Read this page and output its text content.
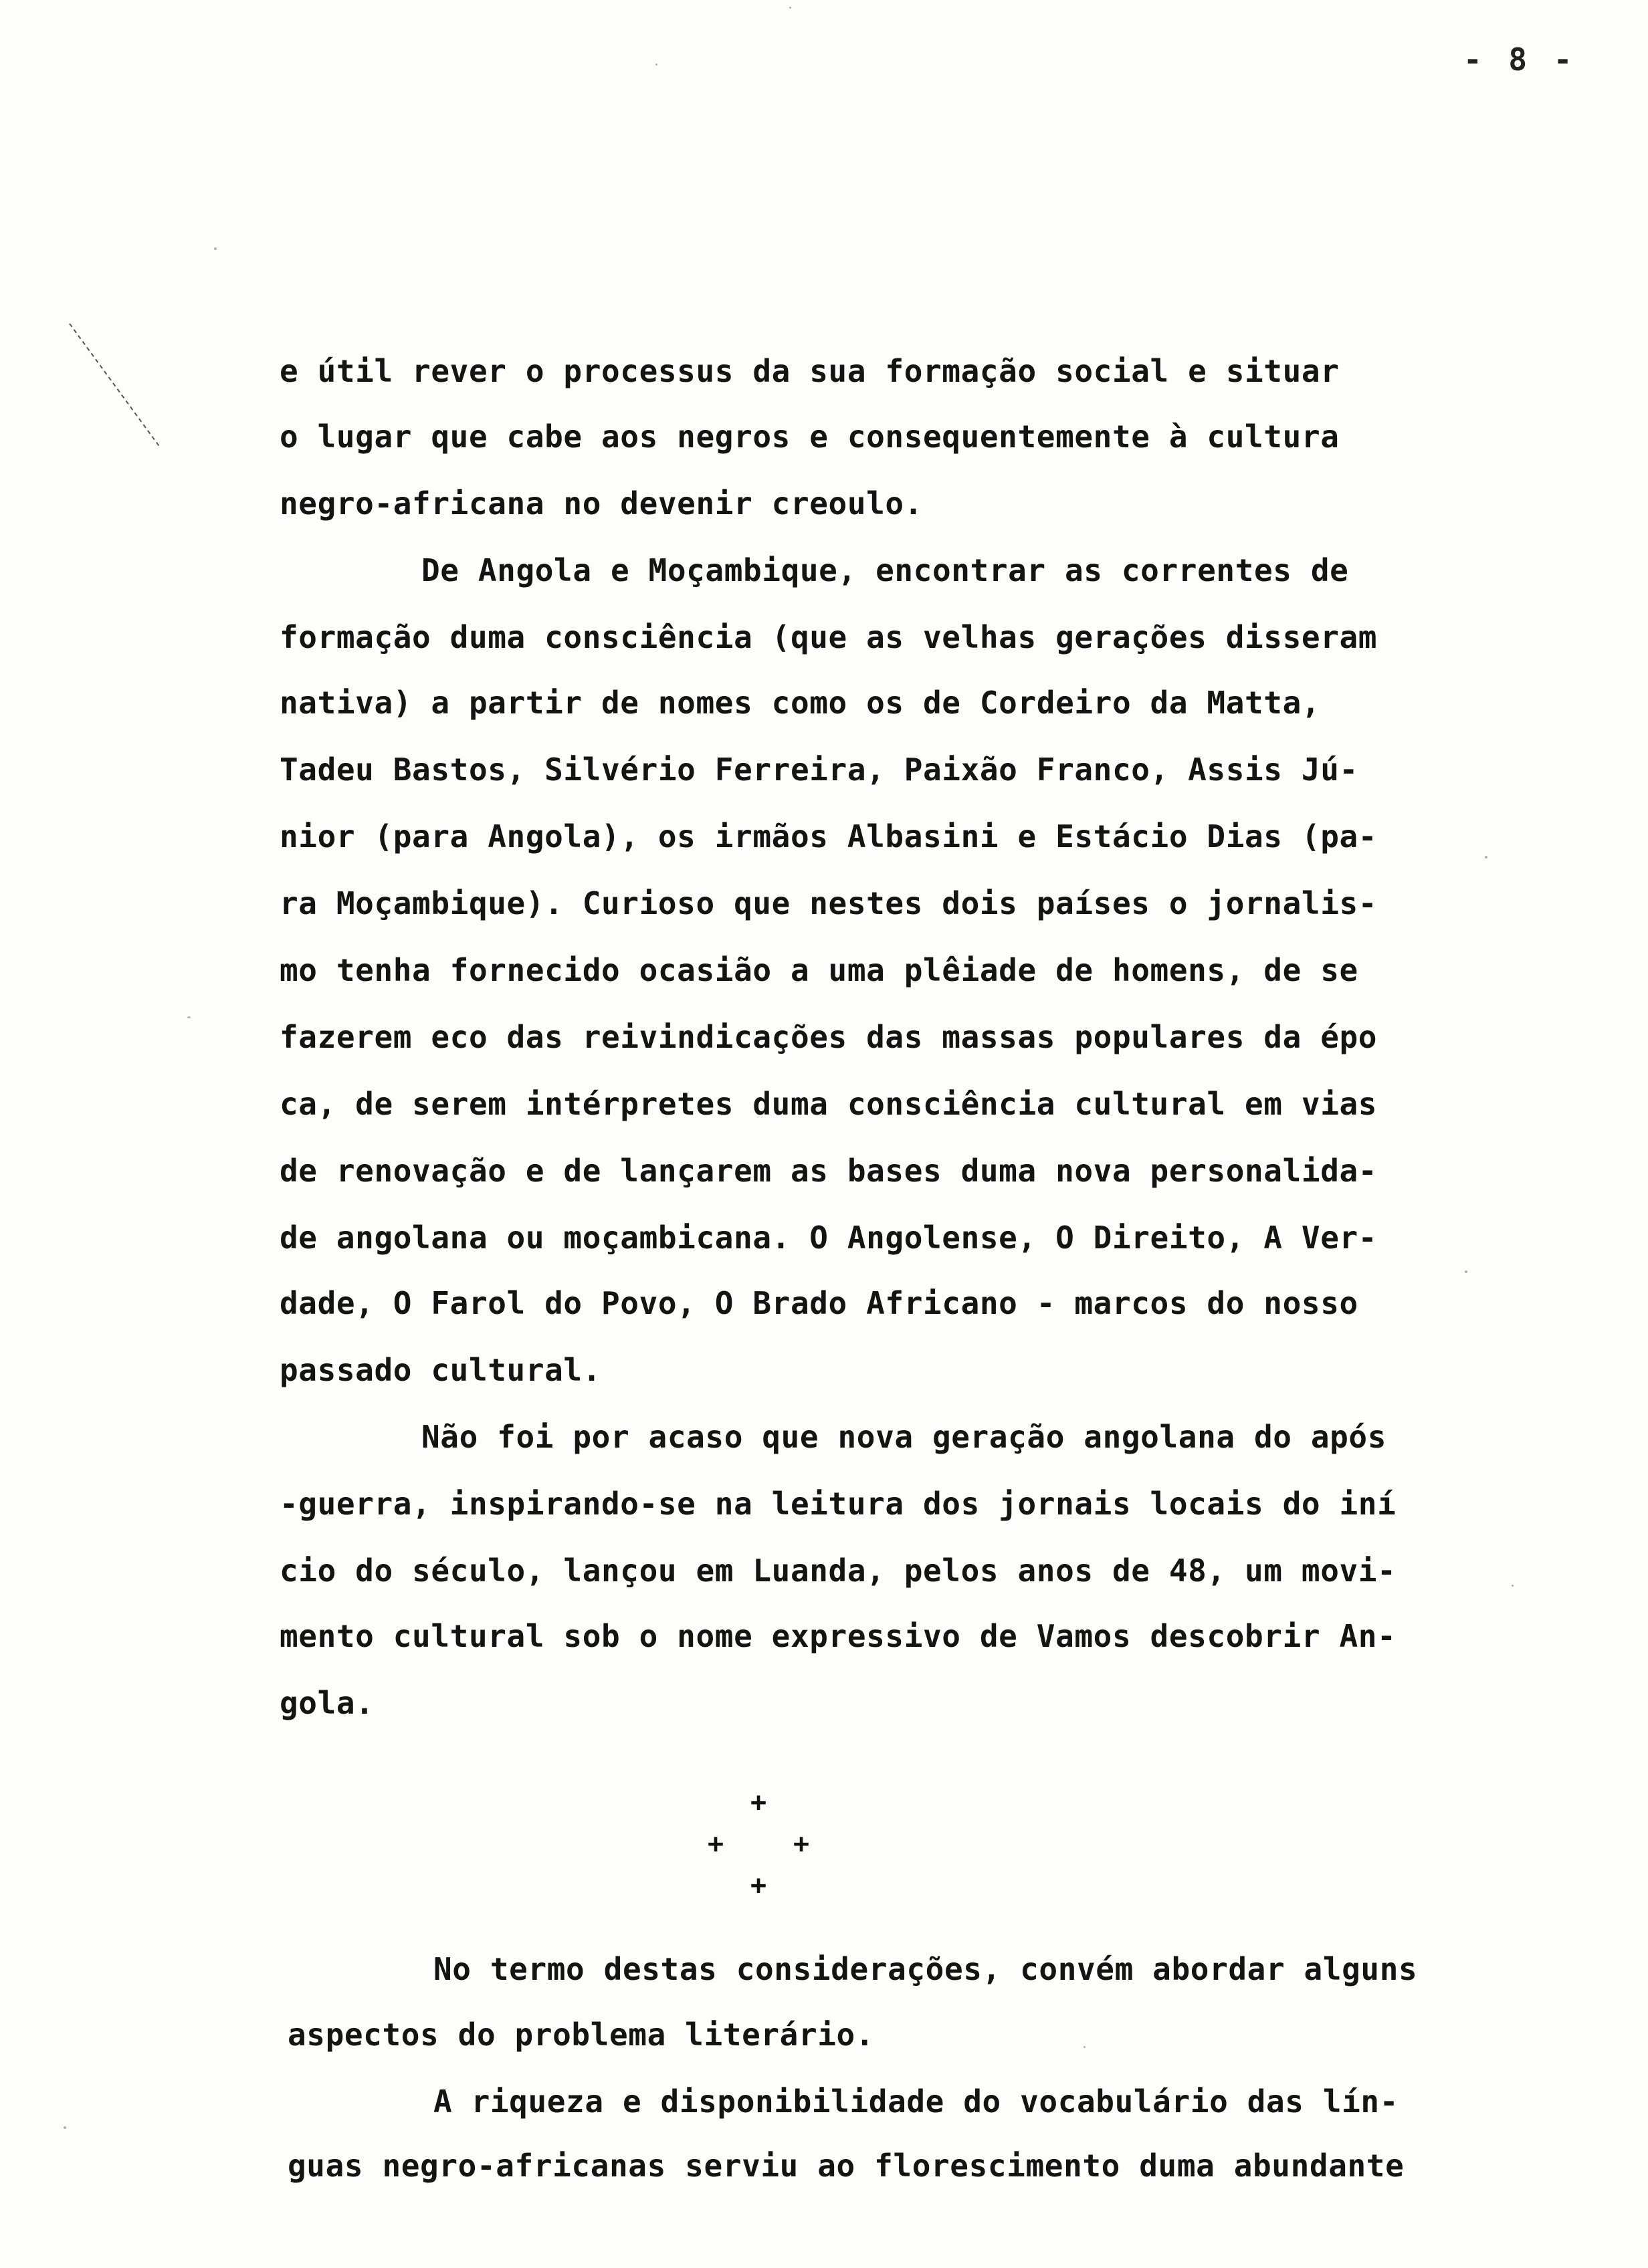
- 8 -
e útil rever o processus da sua formação social e situar
o lugar que cabe aos negros e consequentemente à cultura
negro-africana no devenir creoulo.
De Angola e Moçambique, encontrar as correntes de
formação duma consciência (que as velhas gerações disseram
nativa) a partir de nomes como os de Cordeiro da Matta,
Tadeu Bastos, Silvério Ferreira, Paixão Franco, Assis Jú-
nior (para Angola), os irmãos Albasini e Estácio Dias (pa-
ra Moçambique). Curioso que nestes dois países o jornalis-
mo tenha fornecido ocasião a uma plêiade de homens, de se
fazerem eco das reivindicações das massas populares da épo
ca, de serem intérpretes duma consciência cultural em vias
de renovação e de lançarem as bases duma nova personalida-
de angolana ou moçambicana. O Angolense, O Direito, A Ver-
dade, O Farol do Povo, O Brado Africano - marcos do nosso
passado cultural.
Não foi por acaso que nova geração angolana do após
-guerra, inspirando-se na leitura dos jornais locais do iní
cio do século, lançou em Luanda, pelos anos de 48, um movi-
mento cultural sob o nome expressivo de Vamos descobrir An-
gola.
+
+	+
+
No termo destas considerações, convém abordar alguns
aspectos do problema literário.
A riqueza e disponibilidade do vocabulário das lín-
guas negro-africanas serviu ao florescimento duma abundante
